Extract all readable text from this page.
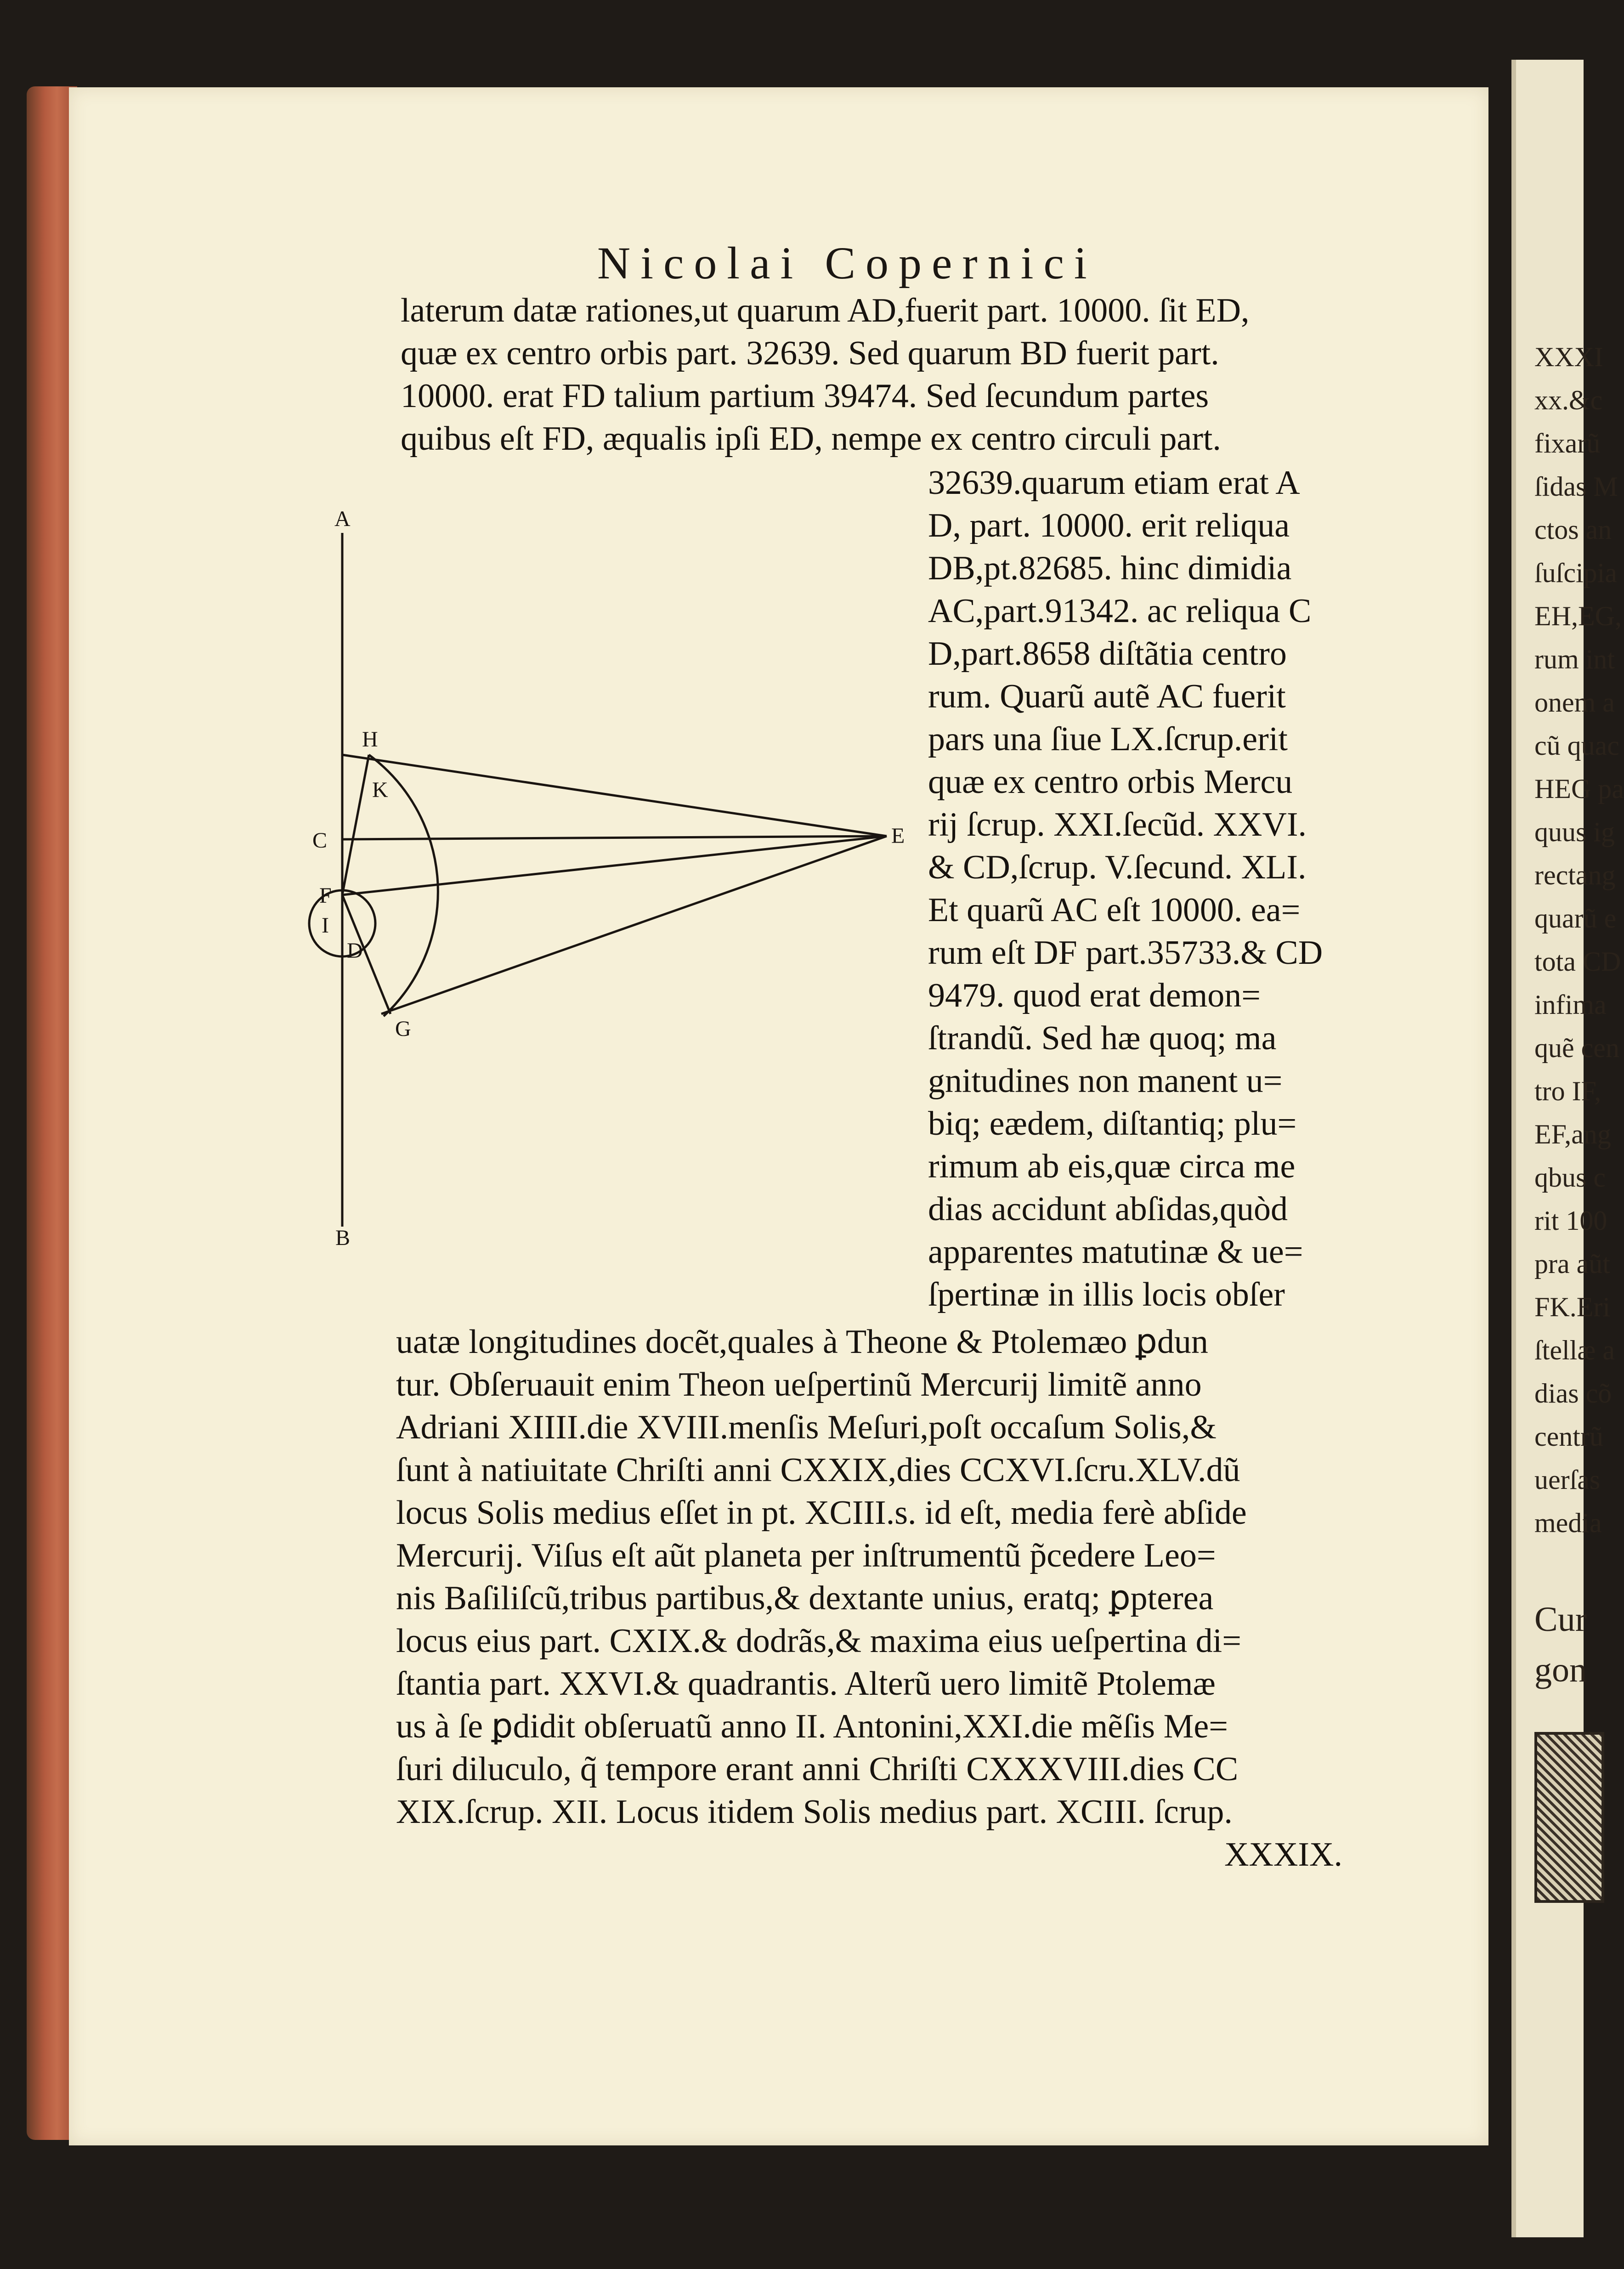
Nicolai Copernici
laterum datæ rationes,ut quarum AD,fuerit part. 10000. ſit ED,
quæ ex centro orbis part. 32639. Sed quarum BD fuerit part.
10000. erat FD talium partium 39474. Sed ſecundum partes
quibus eſt FD, æqualis ipſi ED, nempe ex centro circuli part.
32639.quarum etiam erat A
D, part. 10000. erit reliqua
DB,pt.82685. hinc dimidia
AC,part.91342. ac reliqua C
D,part.8658 diſtãtia centro
rum. Quarũ autẽ AC fuerit
pars una ſiue LX.ſcrup.erit
quæ ex centro orbis Mercu
rij ſcrup. XXI.ſecũd. XXVI.
& CD,ſcrup. V.ſecund. XLI.
Et quarũ AC eſt 10000. ea=
rum eſt DF part.35733.& CD
9479. quod erat demon=
ſtrandũ. Sed hæ quoq; ma
gnitudines non manent u=
biq; eædem, diſtantiq; plu=
rimum ab eis,quæ circa me
dias accidunt abſidas,quòd
apparentes matutinæ & ue=
ſpertinæ in illis locis obſer
uatæ longitudines docẽt,quales à Theone & Ptolemæo ꝑdun
tur. Obſeruauit enim Theon ueſpertinũ Mercurij limitẽ anno
Adriani XIIII.die XVIII.menſis Meſuri,poſt occaſum Solis,&
ſunt à natiuitate Chriſti anni CXXIX,dies CCXVI.ſcru.XLV.dũ
locus Solis medius eſſet in pt. XCIII.s. id eſt, media ferè abſide
Mercurij. Viſus eſt aũt planeta per inſtrumentũ p̃cedere Leo=
nis Baſiliſcũ,tribus partibus,& dextante unius, eratq; ꝑpterea
locus eius part. CXIX.& dodrãs,& maxima eius ueſpertina di=
ſtantia part. XXVI.& quadrantis. Alterũ uero limitẽ Ptolemæ
us à ſe ꝑdidit obſeruatũ anno II. Antonini,XXI.die mẽſis Me=
ſuri diluculo, q̃ tempore erant anni Chriſti CXXXVIII.dies CC
XIX.ſcrup. XII. Locus itidem Solis medius part. XCIII. ſcrup.
XXXIX.
A
B
C
D
E
F
G
H
I
K
XXXI
xx.&c
fixarũ
ſidas M
ctos an
ſuſcipia
EH,EG,
rum int
onem a
cũ quac
HEG pa
quus ig
rectang
quarũ e
tota CD
infima
quẽ cen
tro IF,
EF,ang
qbus c
rit 100
pra aũt
FK.Eri
ſtellæ a
dias cõ
centrũ
uerſas
media
Cur
gon
